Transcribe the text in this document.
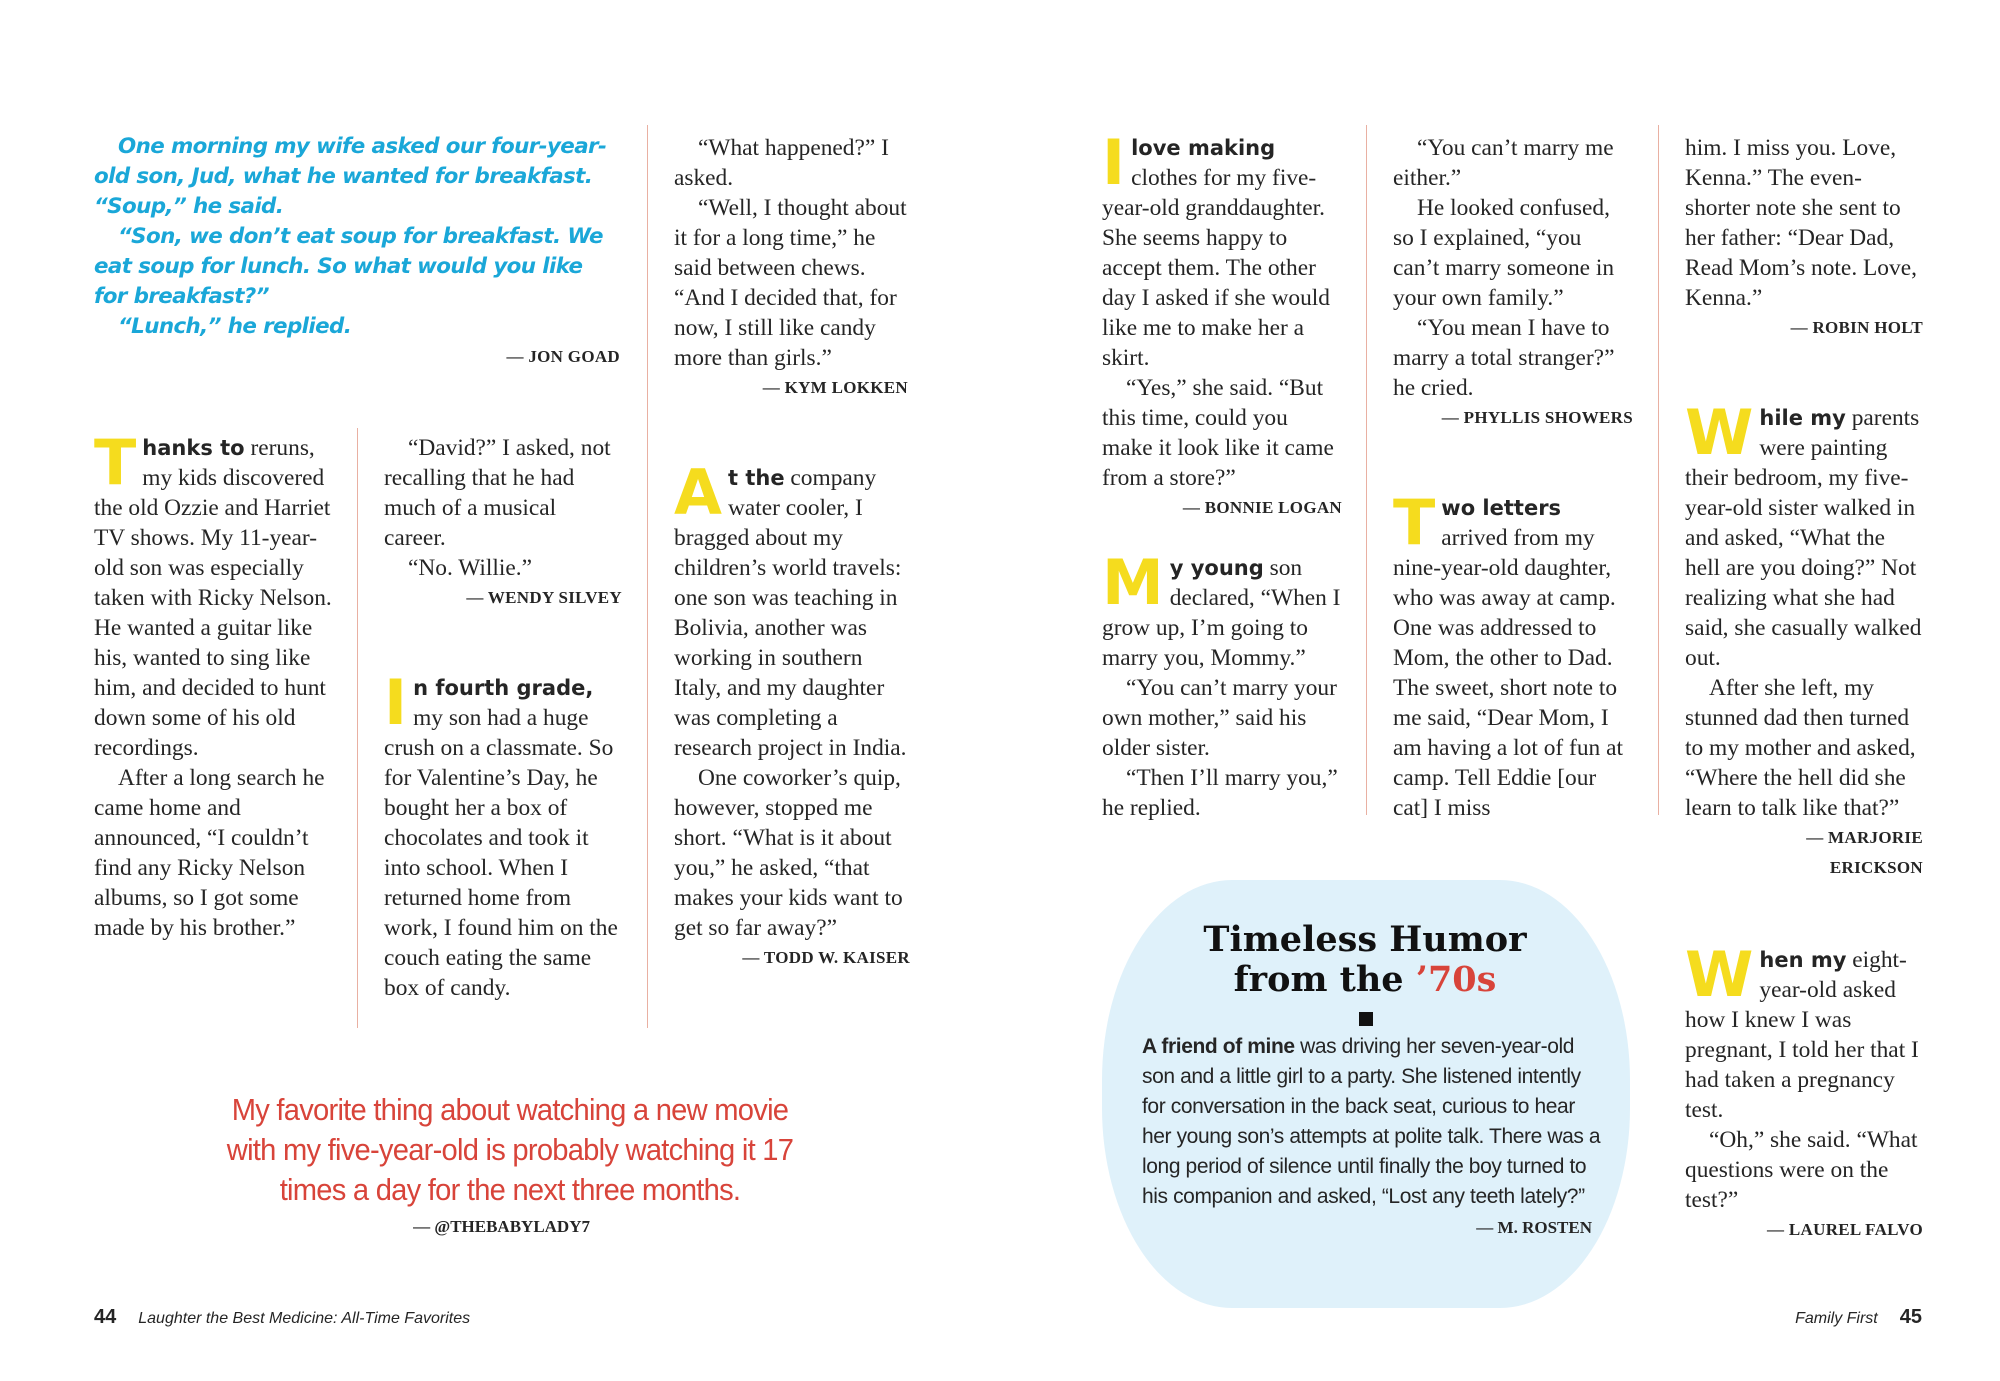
One morning my wife asked our four-year-old son, Jud, what he wanted for breakfast. “Soup,” he said.

“Son, we don’t eat soup for breakfast. We eat soup for lunch. So what would you like for breakfast?”

“Lunch,” he replied.

— JON GOAD

Thanks to reruns, my kids discovered the old Ozzie and Harriet TV shows. My 11-year-old son was especially taken with Ricky Nelson. He wanted a guitar like his, wanted to sing like him, and decided to hunt down some of his old recordings.

After a long search he came home and announced, “I couldn’t find any Ricky Nelson albums, so I got some made by his brother.”

“David?” I asked, not recalling that he had much of a musical career.

“No. Willie.”

— WENDY SILVEY

In fourth grade, my son had a huge crush on a classmate. So for Valentine’s Day, he bought her a box of chocolates and took it into school. When I returned home from work, I found him on the couch eating the same box of candy.

“What happened?” I asked.

“Well, I thought about it for a long time,” he said between chews. “And I decided that, for now, I still like candy more than girls.”

— KYM LOKKEN

At the company water cooler, I bragged about my children’s world travels: one son was teaching in Bolivia, another was working in southern Italy, and my daughter was completing a research project in India.

One coworker’s quip, however, stopped me short. “What is it about you,” he asked, “that makes your kids want to get so far away?”

— TODD W. KAISER

My favorite thing about watching a new movie with my five-year-old is probably watching it 17 times a day for the next three months.
— @THEBABYLADY7

Ilove making clothes for my five-year-old granddaughter. She seems happy to accept them. The other day I asked if she would like me to make her a skirt.

“Yes,” she said. “But this time, could you make it look like it came from a store?”

— BONNIE LOGAN

My young son declared, “When I grow up, I’m going to marry you, Mommy.”

“You can’t marry your own mother,” said his older sister.

“Then I’ll marry you,” he replied.

“You can’t marry me either.”

He looked confused, so I explained, “you can’t marry someone in your own family.”

“You mean I have to marry a total stranger?” he cried.

— PHYLLIS SHOWERS

Two letters arrived from my nine-year-old daughter, who was away at camp. One was addressed to Mom, the other to Dad. The sweet, short note to me said, “Dear Mom, I am having a lot of fun at camp. Tell Eddie [our cat] I miss

him. I miss you. Love, Kenna.” The even-shorter note she sent to her father: “Dear Dad, Read Mom’s note. Love, Kenna.”

— ROBIN HOLT

While my parents were painting their bedroom, my five-year-old sister walked in and asked, “What the hell are you doing?” Not realizing what she had said, she casually walked out.

After she left, my stunned dad then turned to my mother and asked, “Where the hell did she learn to talk like that?”

— MARJORIE ERICKSON

When my eight-year-old asked how I knew I was pregnant, I told her that I had taken a pregnancy test.

“Oh,” she said. “What questions were on the test?”

— LAUREL FALVO

Timeless Humor
from the ’70s
A friend of mine was driving her seven-year-old son and a little girl to a party. She listened intently for conversation in the back seat, curious to hear her young son’s attempts at polite talk. There was a long period of silence until finally the boy turned to his companion and asked, “Lost any teeth lately?”
— M. ROSTEN
44 Laughter the Best Medicine: All-Time Favorites	Family First 45
